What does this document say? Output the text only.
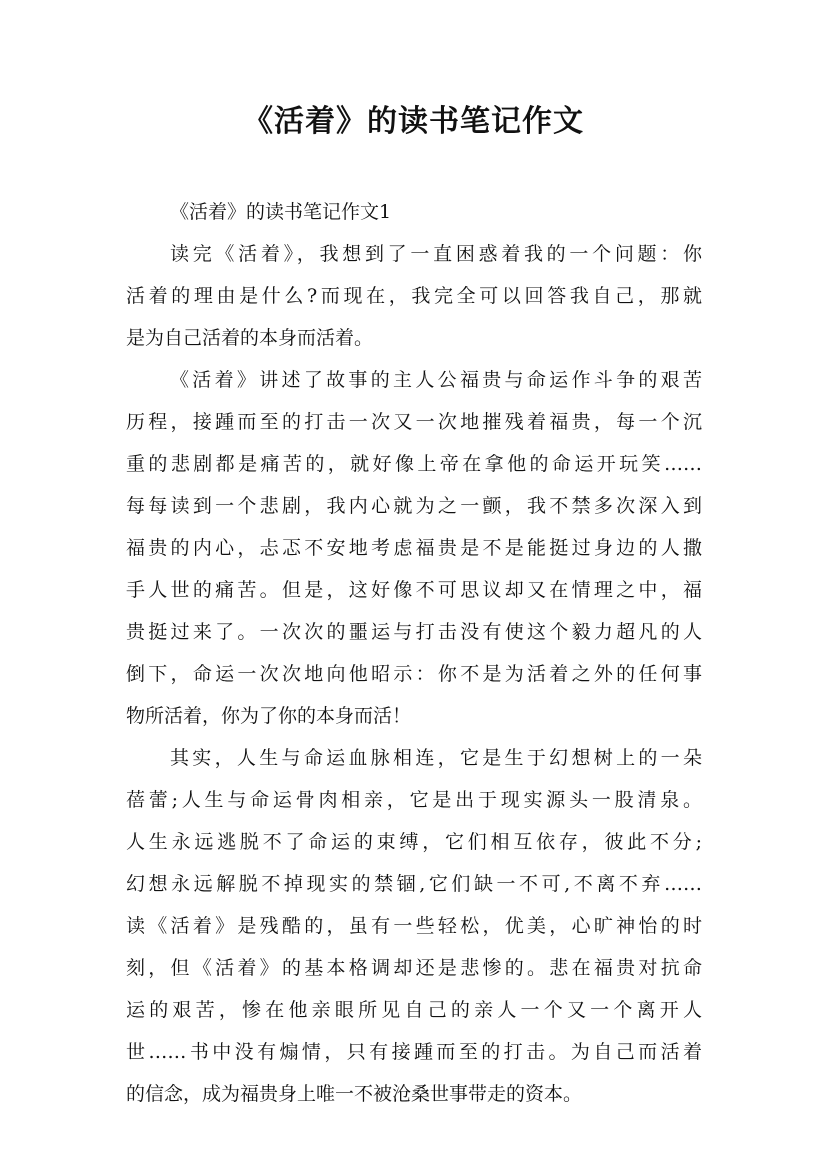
《活着》的读书笔记作文
《活着》的读书笔记作文1
读完《活着》，我想到了一直困惑着我的一个问题：你
活着的理由是什么?而现在，我完全可以回答我自己，那就
是为自己活着的本身而活着。
《活着》讲述了故事的主人公福贵与命运作斗争的艰苦
历程，接踵而至的打击一次又一次地摧残着福贵，每一个沉
重的悲剧都是痛苦的，就好像上帝在拿他的命运开玩笑……
每每读到一个悲剧，我内心就为之一颤，我不禁多次深入到
福贵的内心，忐忑不安地考虑福贵是不是能挺过身边的人撒
手人世的痛苦。但是，这好像不可思议却又在情理之中，福
贵挺过来了。一次次的噩运与打击没有使这个毅力超凡的人
倒下，命运一次次地向他昭示：你不是为活着之外的任何事
物所活着，你为了你的本身而活！
其实，人生与命运血脉相连，它是生于幻想树上的一朵
蓓蕾;人生与命运骨肉相亲，它是出于现实源头一股清泉。
人生永远逃脱不了命运的束缚，它们相互依存，彼此不分;
幻想永远解脱不掉现实的禁锢,它们缺一不可,不离不弃……
读《活着》是残酷的，虽有一些轻松，优美，心旷神怡的时
刻，但《活着》的基本格调却还是悲惨的。悲在福贵对抗命
运的艰苦，惨在他亲眼所见自己的亲人一个又一个离开人
世……书中没有煽情，只有接踵而至的打击。为自己而活着
的信念，成为福贵身上唯一不被沧桑世事带走的资本。
